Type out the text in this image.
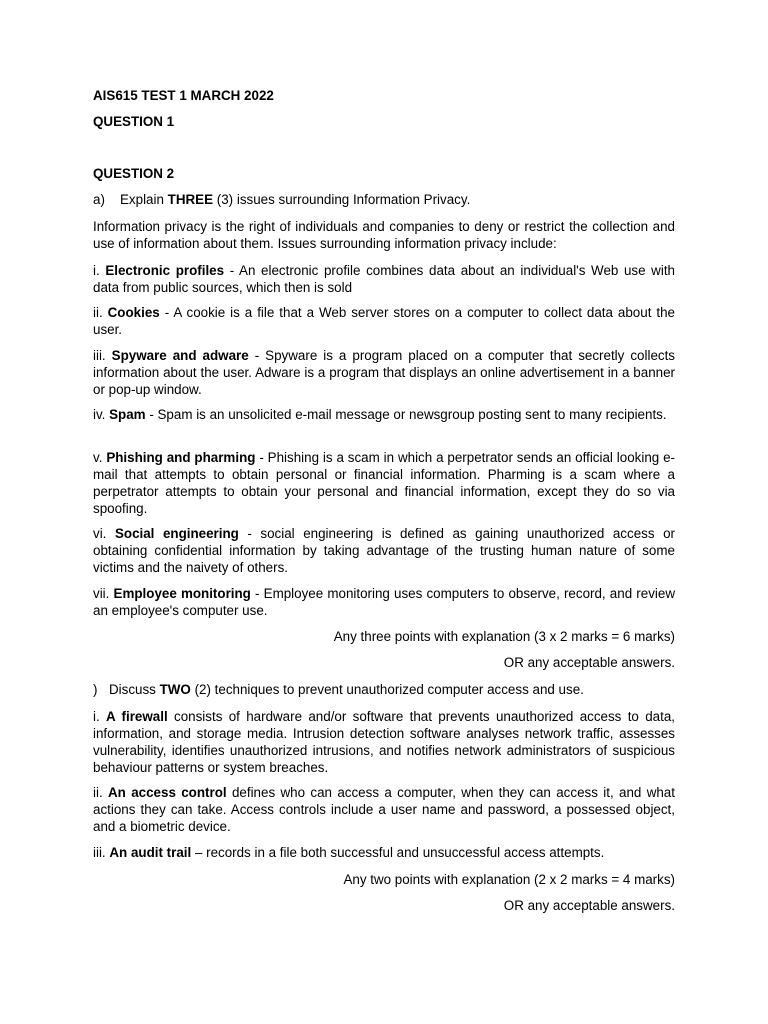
AIS615 TEST 1 MARCH 2022
QUESTION 1
QUESTION 2
a) Explain THREE (3) issues surrounding Information Privacy.

Information privacy is the right of individuals and companies to deny or restrict the collection and use of information about them. Issues surrounding information privacy include:

i. Electronic profiles - An electronic profile combines data about an individual's Web use with data from public sources, which then is sold

ii. Cookies - A cookie is a file that a Web server stores on a computer to collect data about the user.

iii. Spyware and adware - Spyware is a program placed on a computer that secretly collects information about the user. Adware is a program that displays an online advertisement in a banner or pop-up window.

iv. Spam - Spam is an unsolicited e-mail message or newsgroup posting sent to many recipients.

v. Phishing and pharming - Phishing is a scam in which a perpetrator sends an official looking e-mail that attempts to obtain personal or financial information. Pharming is a scam where a perpetrator attempts to obtain your personal and financial information, except they do so via spoofing.

vi. Social engineering - social engineering is defined as gaining unauthorized access or obtaining confidential information by taking advantage of the trusting human nature of some victims and the naivety of others.

vii. Employee monitoring - Employee monitoring uses computers to observe, record, and review an employee's computer use.

Any three points with explanation (3 x 2 marks = 6 marks)

OR any acceptable answers.

) Discuss TWO (2) techniques to prevent unauthorized computer access and use.

i. A firewall consists of hardware and/or software that prevents unauthorized access to data, information, and storage media. Intrusion detection software analyses network traffic, assesses vulnerability, identifies unauthorized intrusions, and notifies network administrators of suspicious behaviour patterns or system breaches.

ii. An access control defines who can access a computer, when they can access it, and what actions they can take. Access controls include a user name and password, a possessed object, and a biometric device.

iii. An audit trail – records in a file both successful and unsuccessful access attempts.

Any two points with explanation (2 x 2 marks = 4 marks)

OR any acceptable answers.
